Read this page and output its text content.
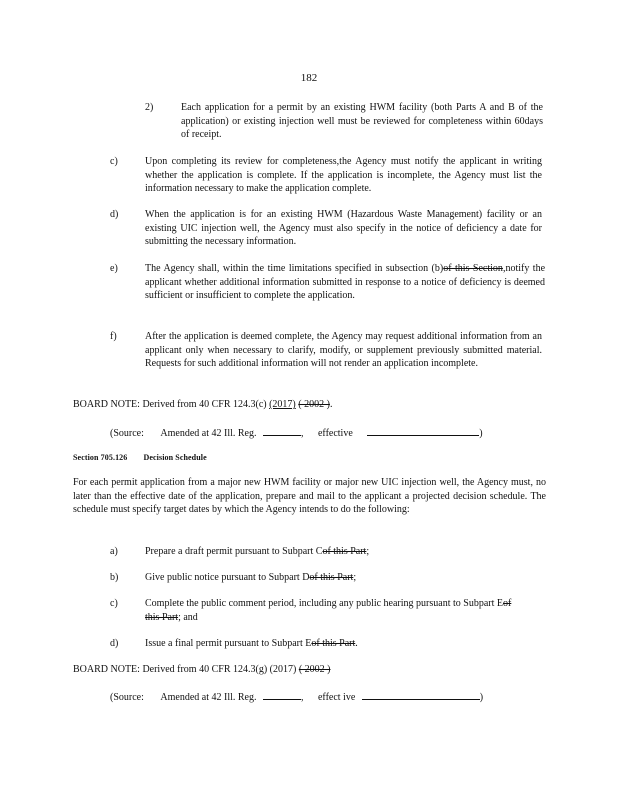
182
2)	Each application for a permit by an existing HWM facility (both Parts A and B of the application) or existing injection well must be reviewed for completeness within 60days of receipt.
c)	Upon completing its review for completeness,the Agency must notify the applicant in writing whether the application is complete. If the application is incomplete, the Agency must list the information necessary to make the application complete.
d)	When the application is for an existing HWM (Hazardous Waste Management) facility or an existing UIC injection well, the Agency must also specify in the notice of deficiency a date for submitting the necessary information.
e)	The Agency shall, within the time limitations specified in subsection (b)of this Section,notify the applicant whether additional information submitted in response to a notice of deficiency is deemed sufficient or insufficient to complete the application.
f)	After the application is deemed complete, the Agency may request additional information from an applicant only when necessary to clarify, modify, or supplement previously submitted material. Requests for such additional information will not render an application incomplete.
BOARD NOTE: Derived from 40 CFR 124.3(c) (2017) ( 2002 ).
(Source: Amended at 42 Ill. Reg.	, effective	)
Section 705.126 Decision Schedule
For each permit application from a major new HWM facility or major new UIC injection well, the Agency must, no later than the effective date of the application, prepare and mail to the applicant a projected decision schedule. The schedule must specify target dates by which the Agency intends to do the following:
a)	Prepare a draft permit pursuant to Subpart Cof this Part;
b)	Give public notice pursuant to Subpart Dof this Part;
c)	Complete the public comment period, including any public hearing pursuant to Subpart Eof this Part; and
d)	Issue a final permit pursuant to Subpart Eof this Part.
BOARD NOTE: Derived from 40 CFR 124.3(g) (2017) ( 2002 )
(Source: Amended at 42 Ill. Reg.	, effect ive	)
